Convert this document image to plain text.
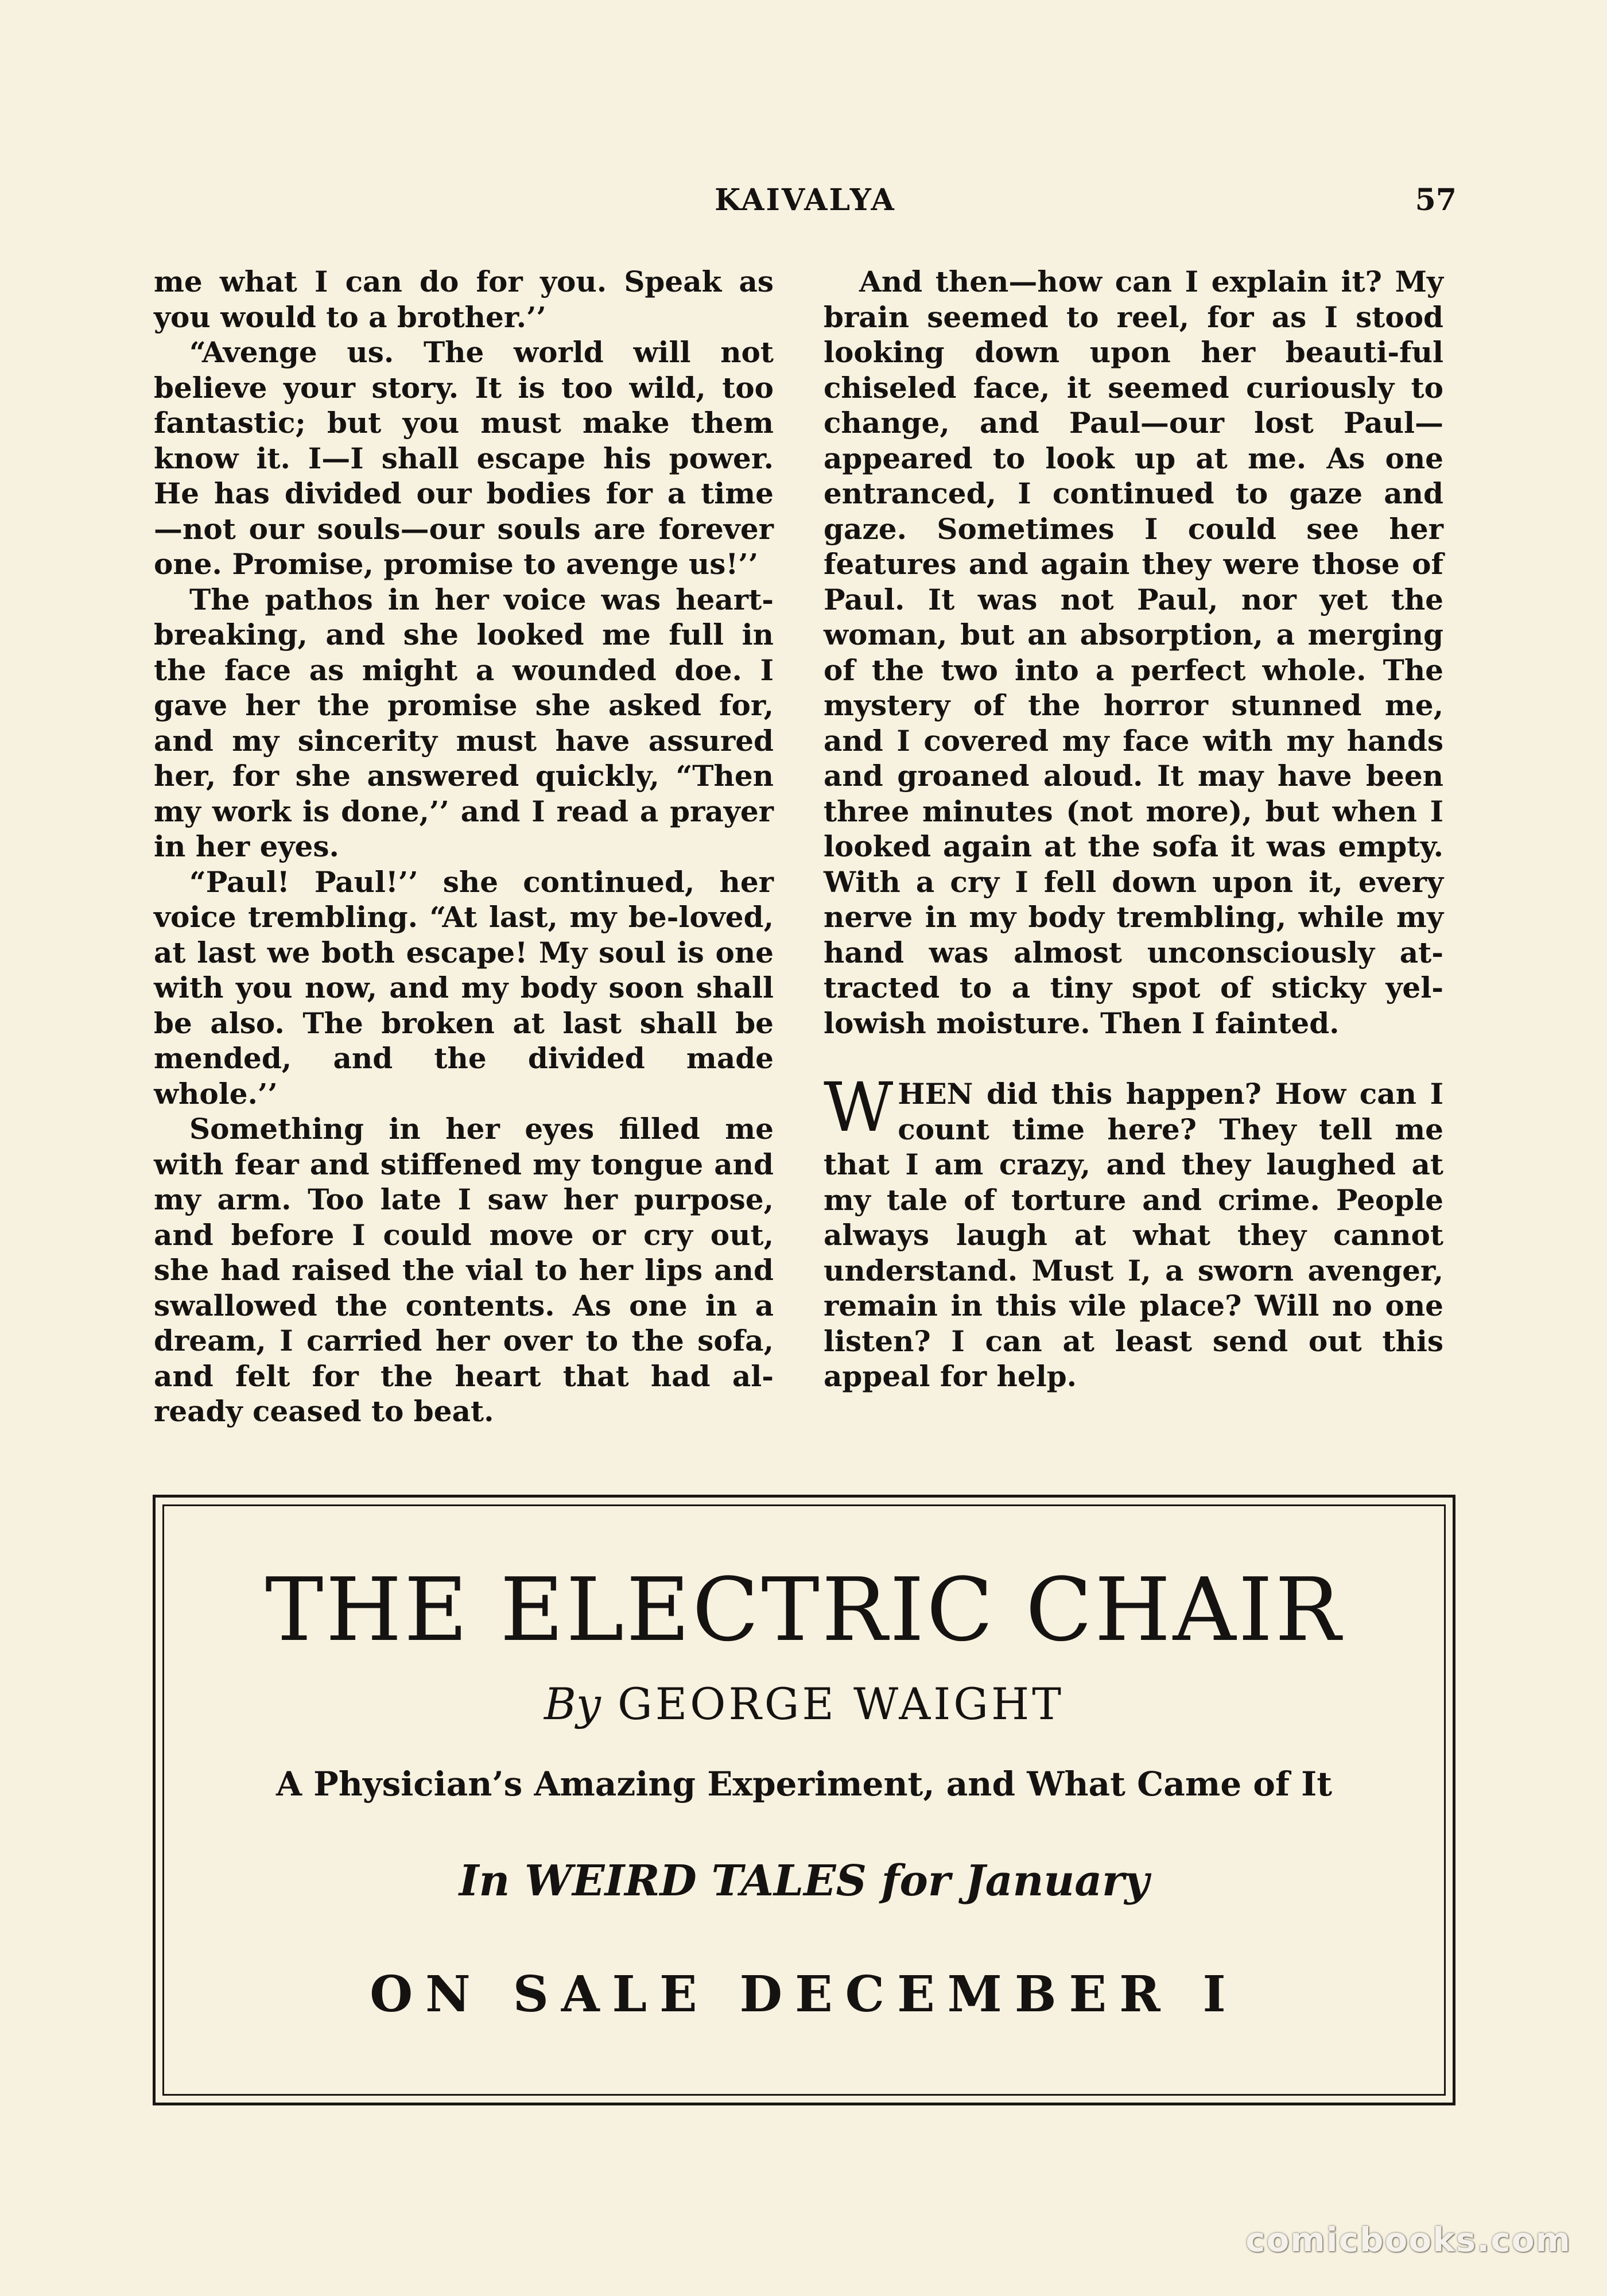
KAIVALYA	57

me what I can do for you. Speak as you would to a brother.’’

“Avenge us. The world will not believe your story. It is too wild, too fantastic; but you must make them know it. I—I shall escape his power. He has divided our bodies for a time —not our souls—our souls are forever one. Promise, promise to avenge us!’’

The pathos in her voice was heart-breaking, and she looked me full in the face as might a wounded doe. I gave her the promise she asked for, and my sincerity must have assured her, for she answered quickly, “Then my work is done,’’ and I read a prayer in her eyes.

“Paul! Paul!’’ she continued, her voice trembling. “At last, my be-loved, at last we both escape! My soul is one with you now, and my body soon shall be also. The broken at last shall be mended, and the divided made whole.’’

Something in her eyes filled me with fear and stiffened my tongue and my arm. Too late I saw her purpose, and before I could move or cry out, she had raised the vial to her lips and swallowed the contents. As one in a dream, I carried her over to the sofa, and felt for the heart that had al-ready ceased to beat.

And then—how can I explain it? My brain seemed to reel, for as I stood looking down upon her beauti-ful chiseled face, it seemed curiously to change, and Paul—our lost Paul—appeared to look up at me. As one entranced, I continued to gaze and gaze. Sometimes I could see her features and again they were those of Paul. It was not Paul, nor yet the woman, but an absorption, a merging of the two into a perfect whole. The mystery of the horror stunned me, and I covered my face with my hands and groaned aloud. It may have been three minutes (not more), but when I looked again at the sofa it was empty. With a cry I fell down upon it, every nerve in my body trembling, while my hand was almost unconsciously at-tracted to a tiny spot of sticky yel-lowish moisture. Then I fainted.

WHEN did this happen? How can I count time here? They tell me that I am crazy, and they laughed at my tale of torture and crime. People always laugh at what they cannot understand. Must I, a sworn avenger, remain in this vile place? Will no one listen? I can at least send out this appeal for help.

THE ELECTRIC CHAIR
By GEORGE WAIGHT
A Physician’s Amazing Experiment, and What Came of It
In WEIRD TALES for January
ON SALE DECEMBER I
comicbooks.com
